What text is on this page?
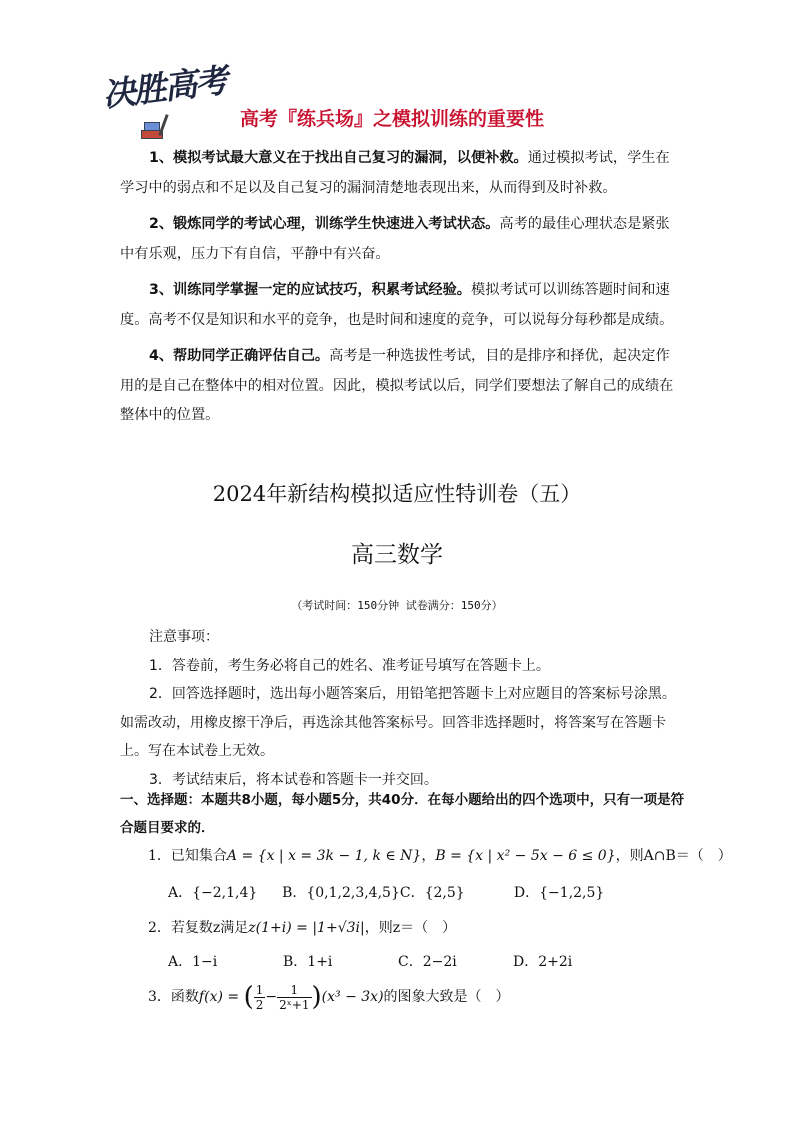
决胜高考
高考『练兵场』之模拟训练的重要性

1、模拟考试最大意义在于找出自己复习的漏洞，以便补救。通过模拟考试，学生在学习中的弱点和不足以及自己复习的漏洞清楚地表现出来，从而得到及时补救。

2、锻炼同学的考试心理，训练学生快速进入考试状态。高考的最佳心理状态是紧张中有乐观，压力下有自信，平静中有兴奋。

3、训练同学掌握一定的应试技巧，积累考试经验。模拟考试可以训练答题时间和速度。高考不仅是知识和水平的竞争，也是时间和速度的竞争，可以说每分每秒都是成绩。

4、帮助同学正确评估自己。高考是一种选拔性考试，目的是排序和择优，起决定作用的是自己在整体中的相对位置。因此，模拟考试以后，同学们要想法了解自己的成绩在整体中的位置。

2024年新结构模拟适应性特训卷（五）
高三数学
（考试时间：150分钟 试卷满分：150分）

注意事项：

1．答卷前，考生务必将自己的姓名、准考证号填写在答题卡上。

2．回答选择题时，选出每小题答案后，用铅笔把答题卡上对应题目的答案标号涂黑。如需改动，用橡皮擦干净后，再选涂其他答案标号。回答非选择题时，将答案写在答题卡上。写在本试卷上无效。

3．考试结束后，将本试卷和答题卡一并交回。

一、选择题：本题共8小题，每小题5分，共40分．在每小题给出的四个选项中，只有一项是符合题目要求的．
1．已知集合A = {x | x = 3k − 1, k ∈ N}，B = {x | x² − 5x − 6 ≤ 0}，则A∩B＝（　）
A．{−2,1,4}	B．{0,1,2,3,4,5} C．{2,5}	D．{−1,2,5}
2．若复数z满足z(1+i) = |1+√3i|，则z＝（　）
A．1−i	B．1+i	C．2−2i	D．2+2i
3．函数f(x) = ( $\frac{1}{2} - \frac{1}{\text{2ˣ+1}} )(x^3 - 3x)$的图象大致是（　）
